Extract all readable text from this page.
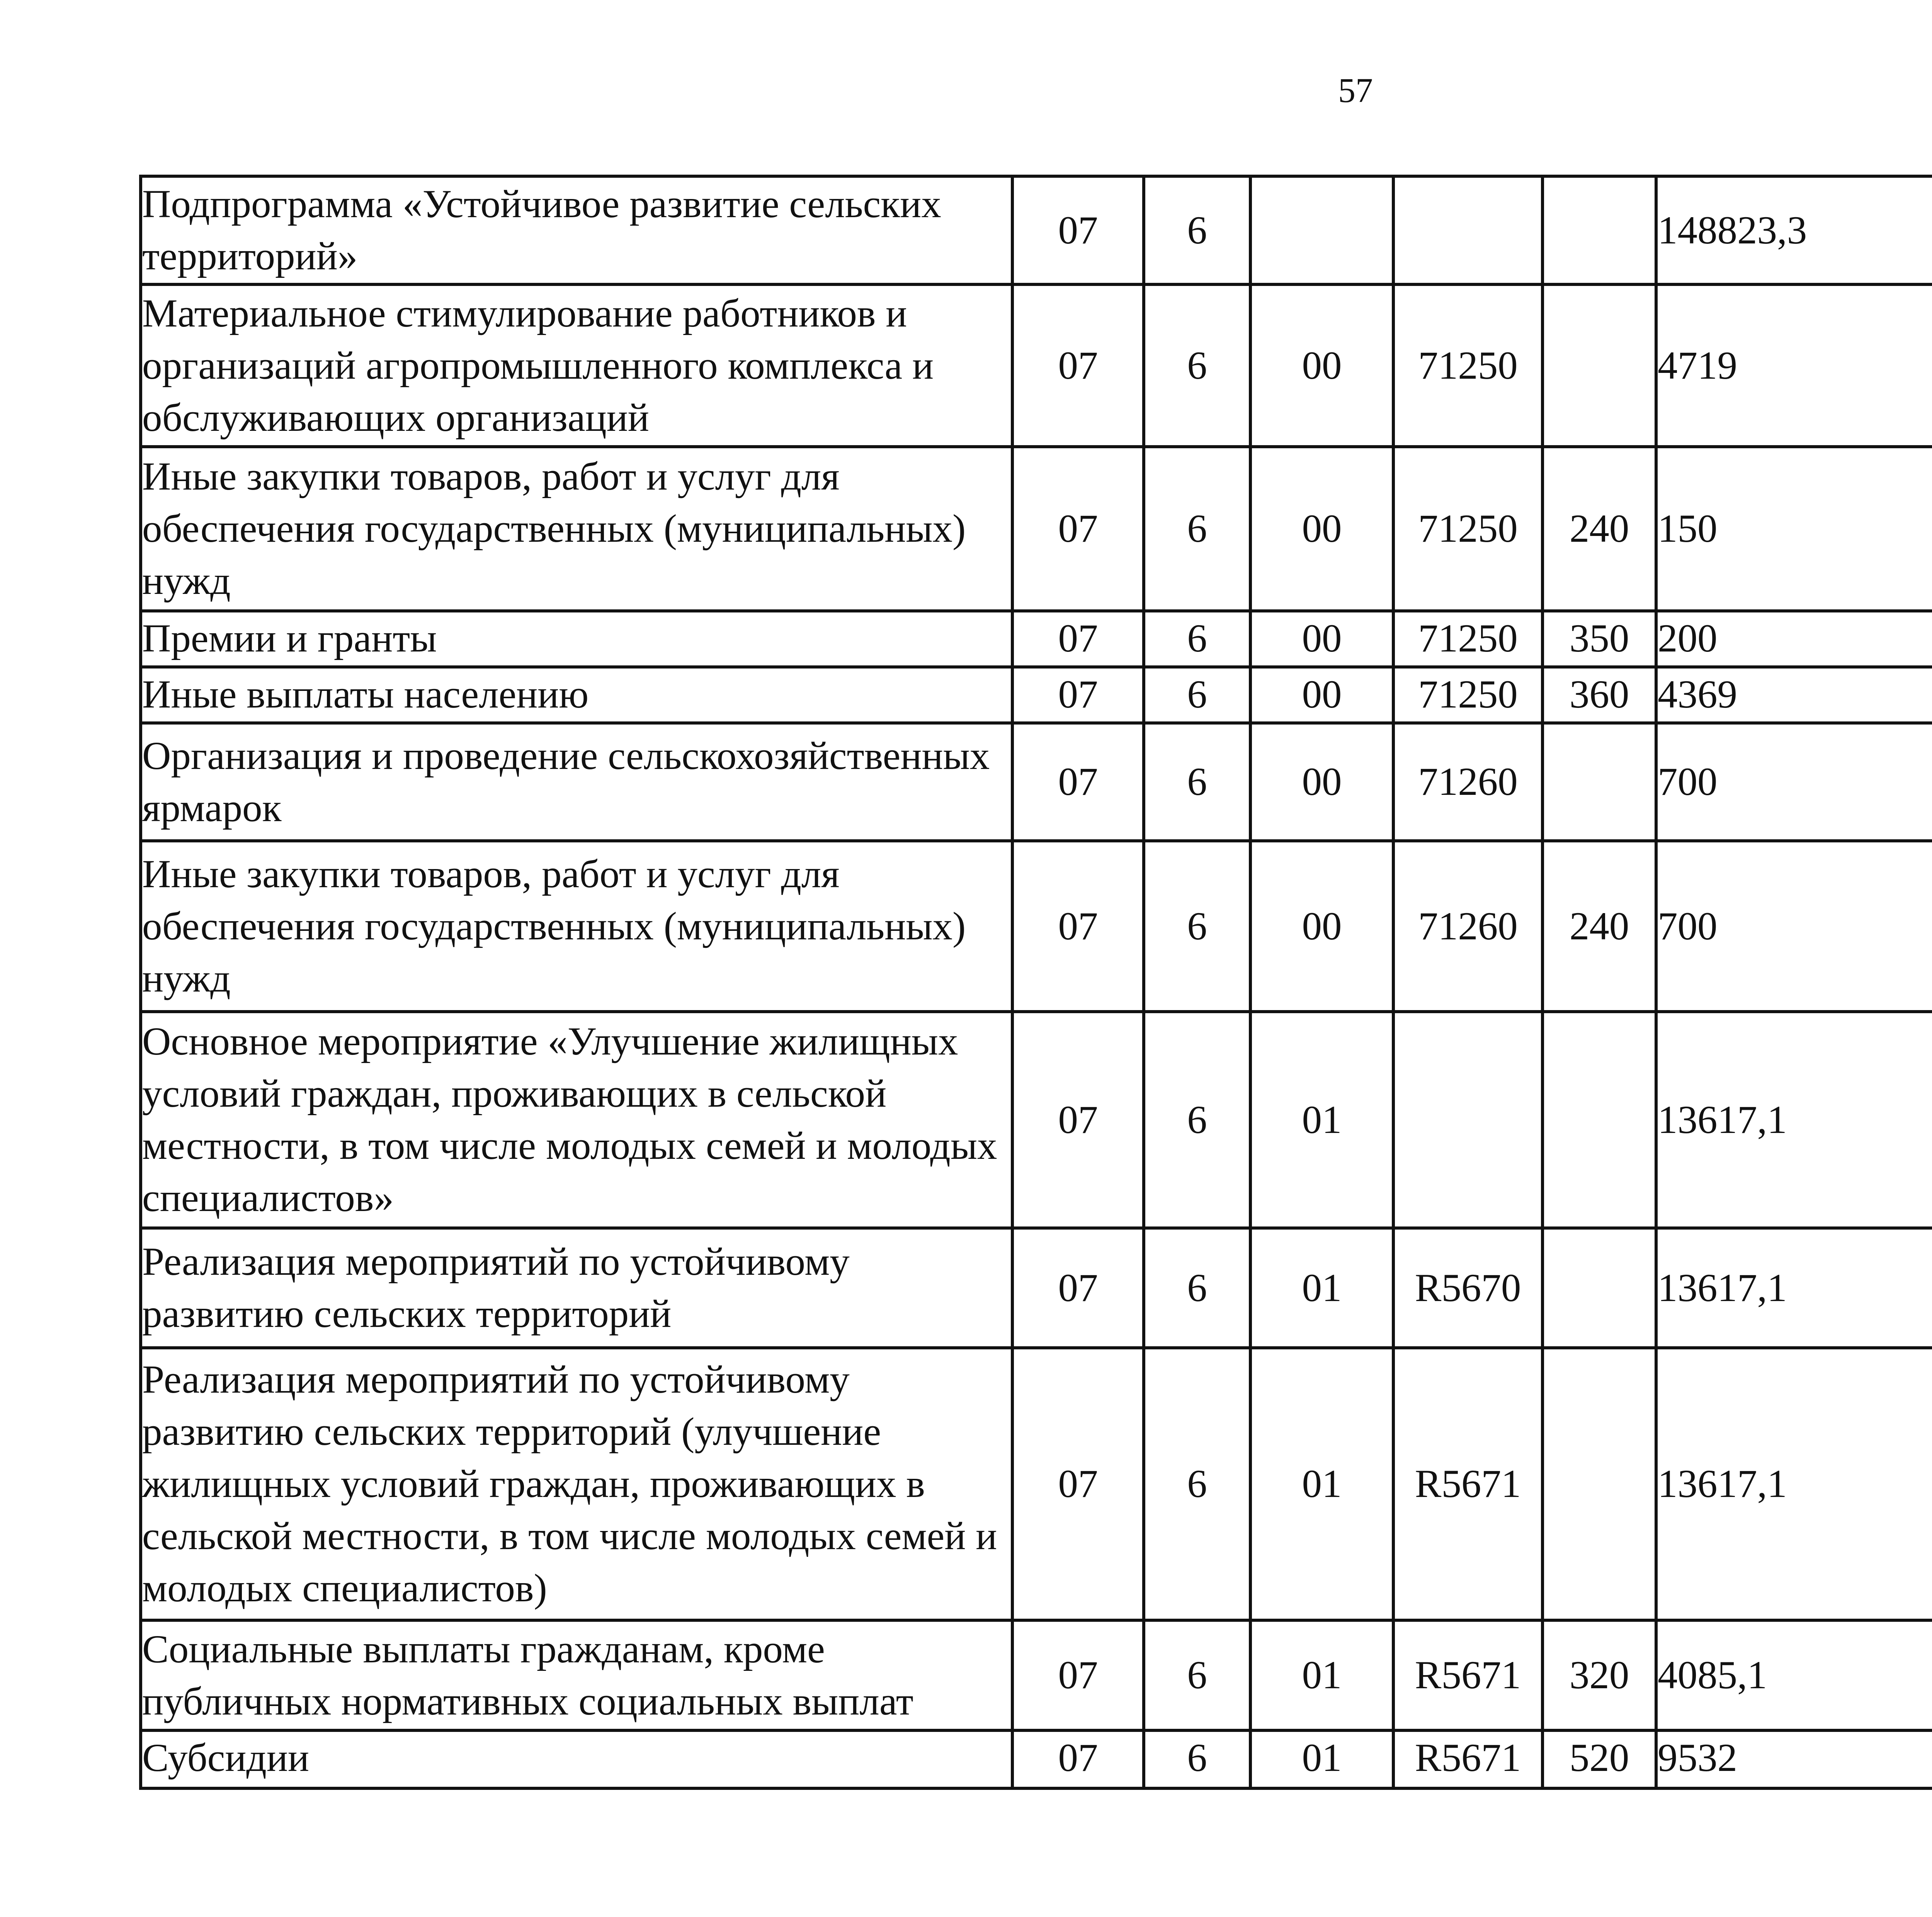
57
Подпрограмма «Устойчивое развитие сельских территорий»	07	6				148823,3		
Материальное стимулирование работников и организаций агропромышленного комплекса и обслуживающих организаций	07	6	00	71250		4719		
Иные закупки товаров, работ и услуг для обеспечения государственных (муниципальных) нужд	07	6	00	71250	240	150		
Премии и гранты	07	6	00	71250	350	200		
Иные выплаты населению	07	6	00	71250	360	4369		
Организация и проведение сельскохозяйственных ярмарок	07	6	00	71260		700		
Иные закупки товаров, работ и услуг для обеспечения государственных (муниципальных) нужд	07	6	00	71260	240	700		
Основное мероприятие «Улучшение жилищных условий граждан, проживающих в сельской местности, в том числе молодых семей и молодых специалистов»	07	6	01			13617,1		
Реализация мероприятий по устойчивому развитию сельских территорий	07	6	01	R5670		13617,1		
Реализация мероприятий по устойчивому развитию сельских территорий (улучшение жилищных условий граждан, проживающих в сельской местности, в том числе молодых семей и молодых специалистов)	07	6	01	R5671		13617,1		
Социальные выплаты гражданам, кроме публичных нормативных социальных выплат	07	6	01	R5671	320	4085,1		
Субсидии	07	6	01	R5671	520	9532		
